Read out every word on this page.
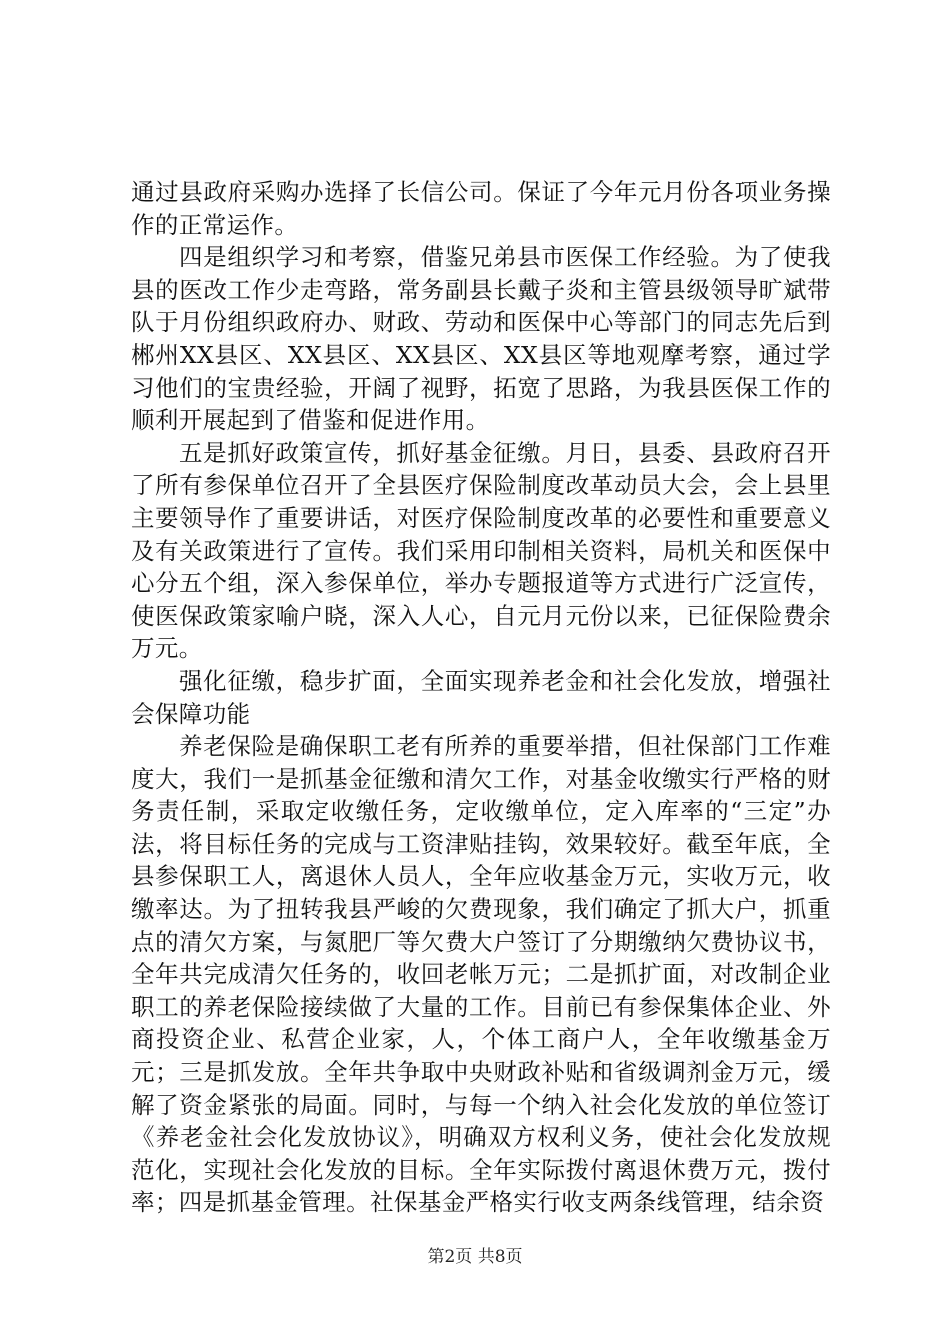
通过县政府采购办选择了长信公司。保证了今年元月份各项业务操作的正常运作。

四是组织学习和考察，借鉴兄弟县市医保工作经验。为了使我县的医改工作少走弯路，常务副县长戴子炎和主管县级领导旷斌带队于月份组织政府办、财政、劳动和医保中心等部门的同志先后到郴州XX县区、XX县区、XX县区、XX县区等地观摩考察，通过学习他们的宝贵经验，开阔了视野，拓宽了思路，为我县医保工作的顺利开展起到了借鉴和促进作用。

五是抓好政策宣传，抓好基金征缴。月日，县委、县政府召开了所有参保单位召开了全县医疗保险制度改革动员大会，会上县里主要领导作了重要讲话，对医疗保险制度改革的必要性和重要意义及有关政策进行了宣传。我们采用印制相关资料，局机关和医保中心分五个组，深入参保单位，举办专题报道等方式进行广泛宣传，使医保政策家喻户晓，深入人心，自元月元份以来，已征保险费余万元。

强化征缴，稳步扩面，全面实现养老金和社会化发放，增强社会保障功能

养老保险是确保职工老有所养的重要举措，但社保部门工作难度大，我们一是抓基金征缴和清欠工作，对基金收缴实行严格的财务责任制，采取定收缴任务，定收缴单位，定入库率的“三定”办法，将目标任务的完成与工资津贴挂钩，效果较好。截至年底，全县参保职工人，离退休人员人，全年应收基金万元，实收万元，收缴率达。为了扭转我县严峻的欠费现象，我们确定了抓大户，抓重点的清欠方案，与氮肥厂等欠费大户签订了分期缴纳欠费协议书，全年共完成清欠任务的，收回老帐万元；二是抓扩面，对改制企业职工的养老保险接续做了大量的工作。目前已有参保集体企业、外商投资企业、私营企业家，人，个体工商户人，全年收缴基金万元；三是抓发放。全年共争取中央财政补贴和省级调剂金万元，缓解了资金紧张的局面。同时，与每一个纳入社会化发放的单位签订《养老金社会化发放协议》，明确双方权利义务，使社会化发放规范化，实现社会化发放的目标。全年实际拨付离退休费万元，拨付率；四是抓基金管理。社保基金严格实行收支两条线管理，结余资

第2页 共8页
